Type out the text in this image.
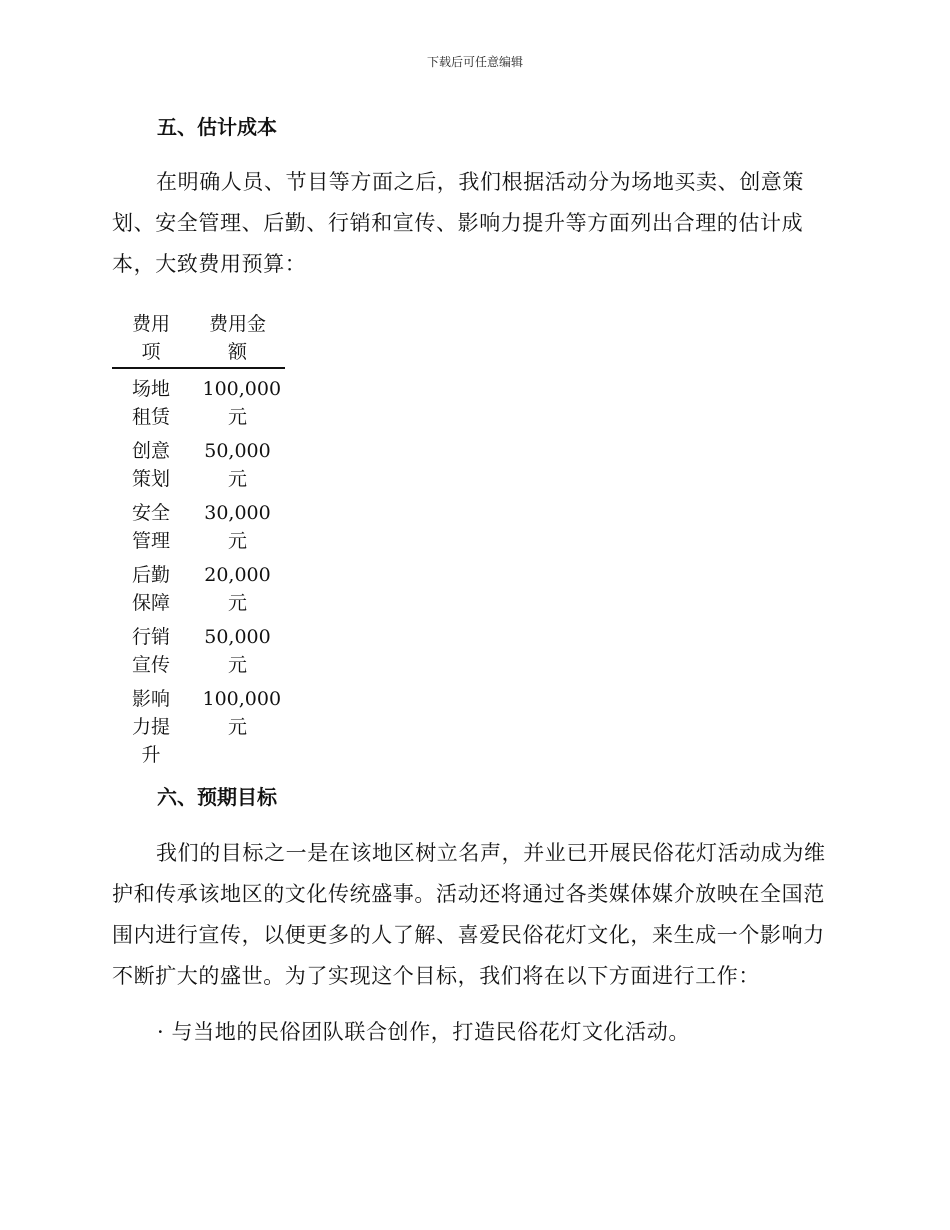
下载后可任意编辑
五、估计成本

在明确人员、节目等方面之后，我们根据活动分为场地买卖、创意策划、安全管理、后勤、行销和宣传、影响力提升等方面列出合理的估计成本，大致费用预算：

费用项	费用金额

场地租赁	100,000元

创意策划	50,000元

安全管理	30,000元

后勤保障	20,000元

行销宣传	50,000元

影响力提升	100,000元
六、预期目标

我们的目标之一是在该地区树立名声，并业已开展民俗花灯活动成为维护和传承该地区的文化传统盛事。活动还将通过各类媒体媒介放映在全国范围内进行宣传，以便更多的人了解、喜爱民俗花灯文化，来生成一个影响力不断扩大的盛世。为了实现这个目标，我们将在以下方面进行工作：

· 与当地的民俗团队联合创作，打造民俗花灯文化活动。
